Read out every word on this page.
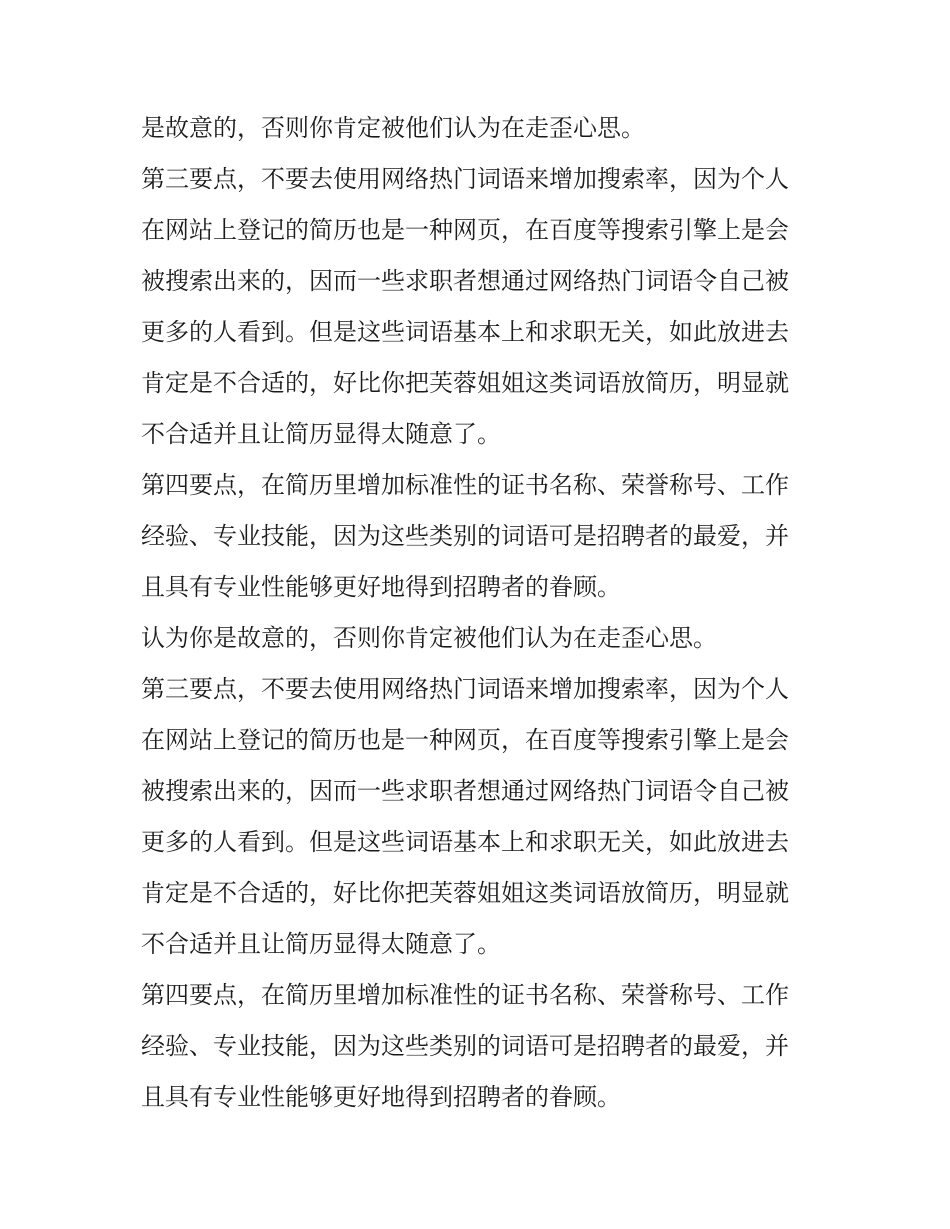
是故意的，否则你肯定被他们认为在走歪心思。
第三要点，不要去使用网络热门词语来增加搜索率，因为个人
在网站上登记的简历也是一种网页，在百度等搜索引擎上是会
被搜索出来的，因而一些求职者想通过网络热门词语令自己被
更多的人看到。但是这些词语基本上和求职无关，如此放进去
肯定是不合适的，好比你把芙蓉姐姐这类词语放简历，明显就
不合适并且让简历显得太随意了。
第四要点，在简历里增加标准性的证书名称、荣誉称号、工作
经验、专业技能，因为这些类别的词语可是招聘者的最爱，并
且具有专业性能够更好地得到招聘者的眷顾。
认为你是故意的，否则你肯定被他们认为在走歪心思。
第三要点，不要去使用网络热门词语来增加搜索率，因为个人
在网站上登记的简历也是一种网页，在百度等搜索引擎上是会
被搜索出来的，因而一些求职者想通过网络热门词语令自己被
更多的人看到。但是这些词语基本上和求职无关，如此放进去
肯定是不合适的，好比你把芙蓉姐姐这类词语放简历，明显就
不合适并且让简历显得太随意了。
第四要点，在简历里增加标准性的证书名称、荣誉称号、工作
经验、专业技能，因为这些类别的词语可是招聘者的最爱，并
且具有专业性能够更好地得到招聘者的眷顾。
